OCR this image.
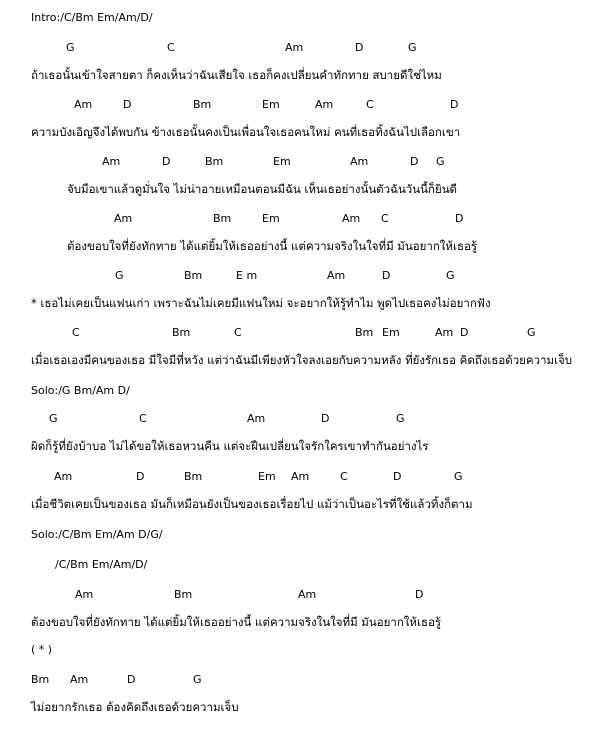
Intro:/C/Bm Em/Am/D/
G	C	Am	D	G
ถ้าเธอนั้นเข้าใจสายตา ก็คงเห็นว่าฉันเสียใจ เธอก็คงเปลี่ยนคำทักทาย สบายดีใช่ไหม
Am	D	Bm	Em	Am	C	D
ความบังเอิญจึงได้พบกัน ข้างเธอนั้นคงเป็นเพื่อนใจเธอคนใหม่ คนที่เธอทิ้งฉันไปเลือกเขา
Am	D	Bm	Em	Am	D G
จับมือเขาแล้วดูมั่นใจ ไม่น่าอายเหมือนตอนมีฉัน เห็นเธอย่างนั้นตัวฉันวันนี้ก็ยินดี
Am	Bm	Em	Am C	D
ต้องขอบใจที่ยังทักทาย ได้แต่ยิ้มให้เธออย่างนี้ แต่ความจริงในใจที่มี มันอยากให้เธอรู้
G	Bm	E m	Am	D	G
* เธอไม่เคยเป็นแฟนเก่า เพราะฉันไม่เคยมีแฟนใหม่ จะอยากให้รู้ทำไม พูดไปเธอคงไม่อยากฟัง
C	Bm	C	Bm Em	Am D	G
เมื่อเธอเองมีคนของเธอ มีใจมีที่หวัง แต่ว่าฉันมีเพียงหัวใจลงเอยกับความหลัง ที่ยังรักเธอ คิดถึงเธอด้วยความเจ็บ
Solo:/G Bm/Am D/
G	C	Am	D	G
ผิดก็รู้ที่ยังบ้าบอ ไม่ได้ขอให้เธอหวนคืน แต่จะฝืนเปลี่ยนใจรักใครเขาทำกันอย่างไร
Am	D	Bm	Em Am	C	D	G
เมื่อชีวิตเคยเป็นของเธอ มันก็เหมือนยังเป็นของเธอเรื่อยไป แม้ว่าเป็นอะไรที่ใช้แล้วทิ้งก็ตาม
Solo:/C/Bm Em/Am D/G/
/C/Bm Em/Am/D/
Am	Bm	Am	D
ต้องขอบใจที่ยังทักทาย ได้แต่ยิ้มให้เธออย่างนี้ แต่ความจริงในใจที่มี มันอยากให้เธอรู้
( * )
Bm Am	D	G
ไม่อยากรักเธอ ต้องคิดถึงเธอด้วยความเจ็บ
